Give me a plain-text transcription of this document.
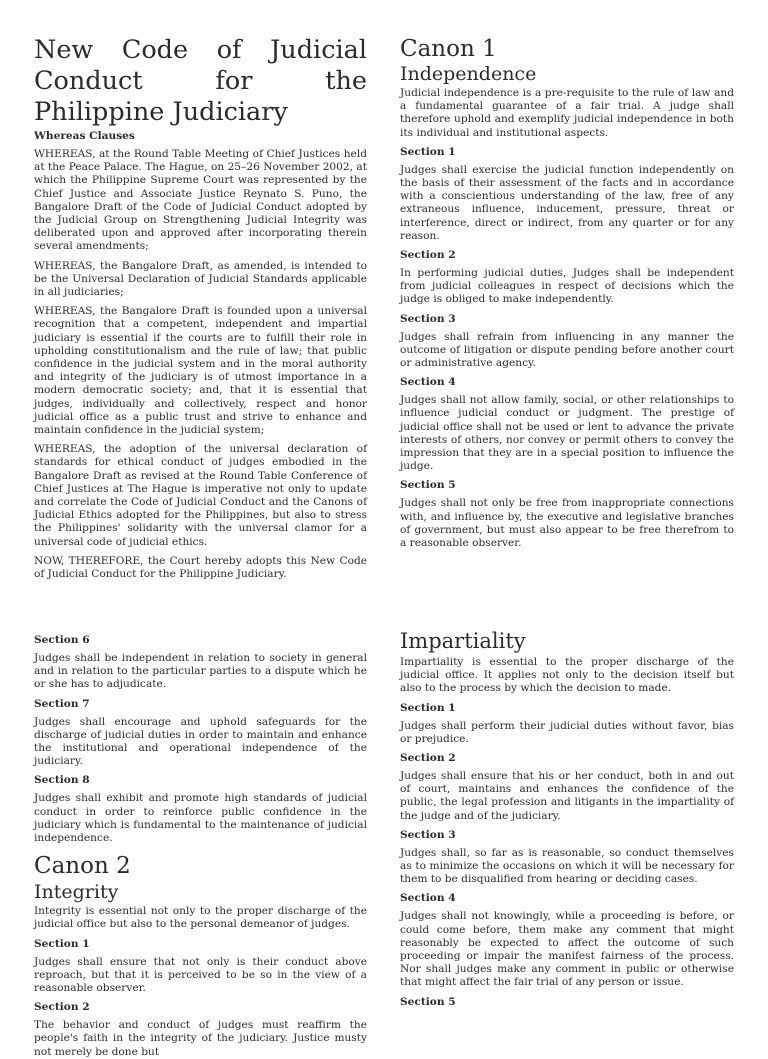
New Code of Judicial Conduct for the Philippine Judiciary
Whereas Clauses

WHEREAS, at the Round Table Meeting of Chief Justices held at the Peace Palace. The Hague, on 25–26 November 2002, at which the Philippine Supreme Court was represented by the Chief Justice and Associate Justice Reynato S. Puno, the Bangalore Draft of the Code of Judicial Conduct adopted by the Judicial Group on Strengthening Judicial Integrity was deliberated upon and approved after incorporating therein several amendments;

WHEREAS, the Bangalore Draft, as amended, is intended to be the Universal Declaration of Judicial Standards applicable in all judiciaries;

WHEREAS, the Bangalore Draft is founded upon a universal recognition that a competent, independent and impartial judiciary is essential if the courts are to fulfill their role in upholding constitutionalism and the rule of law; that public confidence in the judicial system and in the moral authority and integrity of the judiciary is of utmost importance in a modern democratic society; and, that it is essential that judges, individually and collectively, respect and honor judicial office as a public trust and strive to enhance and maintain confidence in the judicial system;

WHEREAS, the adoption of the universal declaration of standards for ethical conduct of judges embodied in the Bangalore Draft as revised at the Round Table Conference of Chief Justices at The Hague is imperative not only to update and correlate the Code of Judicial Conduct and the Canons of Judicial Ethics adopted for the Philippines, but also to stress the Philippines' solidarity with the universal clamor for a universal code of judicial ethics.

NOW, THEREFORE, the Court hereby adopts this New Code of Judicial Conduct for the Philippine Judiciary.

Canon 1
Independence

Judicial independence is a pre-requisite to the rule of law and a fundamental guarantee of a fair trial. A judge shall therefore uphold and exemplify judicial independence in both its individual and institutional aspects.

Section 1

Judges shall exercise the judicial function independently on the basis of their assessment of the facts and in accordance with a conscientious understanding of the law, free of any extraneous influence, inducement, pressure, threat or interference, direct or indirect, from any quarter or for any reason.

Section 2

In performing judicial duties, Judges shall be independent from judicial colleagues in respect of decisions which the judge is obliged to make independently.

Section 3

Judges shall refrain from influencing in any manner the outcome of litigation or dispute pending before another court or administrative agency.

Section 4

Judges shall not allow family, social, or other relationships to influence judicial conduct or judgment. The prestige of judicial office shall not be used or lent to advance the private interests of others, nor convey or permit others to convey the impression that they are in a special position to influence the judge.

Section 5

Judges shall not only be free from inappropriate connections with, and influence by, the executive and legislative branches of government, but must also appear to be free therefrom to a reasonable observer.

Section 6

Judges shall be independent in relation to society in general and in relation to the particular parties to a dispute which he or she has to adjudicate.

Section 7

Judges shall encourage and uphold safeguards for the discharge of judicial duties in order to maintain and enhance the institutional and operational independence of the judiciary.

Section 8

Judges shall exhibit and promote high standards of judicial conduct in order to reinforce public confidence in the judiciary which is fundamental to the maintenance of judicial independence.

Canon 2
Integrity

Integrity is essential not only to the proper discharge of the judicial office but also to the personal demeanor of judges.

Section 1

Judges shall ensure that not only is their conduct above reproach, but that it is perceived to be so in the view of a reasonable observer.

Section 2

The behavior and conduct of judges must reaffirm the people's faith in the integrity of the judiciary. Justice musty not merely be done but

Impartiality

Impartiality is essential to the proper discharge of the judicial office. It applies not only to the decision itself but also to the process by which the decision to made.

Section 1

Judges shall perform their judicial duties without favor, bias or prejudice.

Section 2

Judges shall ensure that his or her conduct, both in and out of court, maintains and enhances the confidence of the public, the legal profession and litigants in the impartiality of the judge and of the judiciary.

Section 3

Judges shall, so far as is reasonable, so conduct themselves as to minimize the occasions on which it will be necessary for them to be disqualified from hearing or deciding cases.

Section 4

Judges shall not knowingly, while a proceeding is before, or could come before, them make any comment that might reasonably be expected to affect the outcome of such proceeding or impair the manifest fairness of the process. Nor shall judges make any comment in public or otherwise that might affect the fair trial of any person or issue.

Section 5
